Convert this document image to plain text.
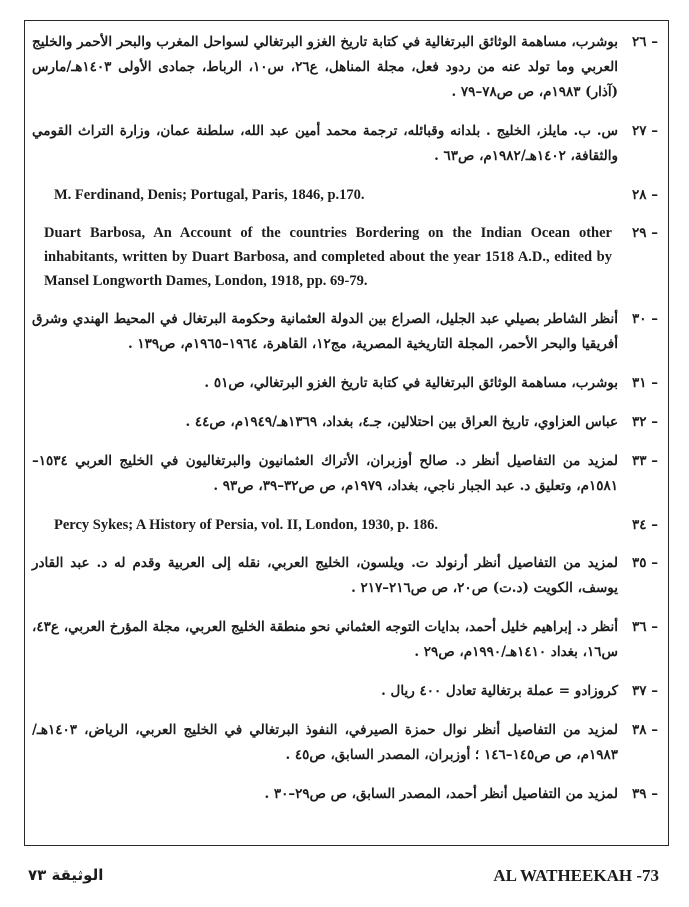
٢٦ –
بوشرب، مساهمة الوثائق البرتغالية في كتابة تاريخ الغزو البرتغالي لسواحل المغرب والبحر الأحمر والخليج العربي وما تولد عنه من ردود فعل، مجلة المناهل، ع٢٦، س١٠، الرباط، جمادى الأولى ١٤٠٣هـ/مارس (آذار) ١٩٨٣م، ص ص٧٨–٧٩ .
٢٧ –
س. ب. مايلز، الخليج . بلدانه وقبائله، ترجمة محمد أمين عبد الله، سلطنة عمان، وزارة التراث القومي والثقافة، ١٤٠٢هـ/١٩٨٢م، ص٦٣ .
٢٨ –
M. Ferdinand, Denis; Portugal, Paris, 1846, p.170.
٢٩ –
Duart Barbosa, An Account of the countries Bordering on the Indian Ocean other inhabitants, written by Duart Barbosa, and completed about the year 1518 A.D., edited by Mansel Longworth Dames, London, 1918, pp. 69-79.
٣٠ –
أنظر الشاطر بصيلي عبد الجليل، الصراع بين الدولة العثمانية وحكومة البرتغال في المحيط الهندي وشرق أفريقيا والبحر الأحمر، المجلة التاريخية المصرية، مج١٢، القاهرة، ١٩٦٤–١٩٦٥م، ص١٣٩ .
٣١ –
بوشرب، مساهمة الوثائق البرتغالية في كتابة تاريخ الغزو البرتغالي، ص٥١ .
٣٢ –
عباس العزاوي، تاريخ العراق بين احتلالين، جـ٤، بغداد، ١٣٦٩هـ/١٩٤٩م، ص٤٤ .
٣٣ –
لمزيد من التفاصيل أنظر د. صالح أوزبران، الأتراك العثمانيون والبرتغاليون في الخليج العربي ١٥٣٤–١٥٨١م، وتعليق د. عبد الجبار ناجي، بغداد، ١٩٧٩م، ص ص٣٢–٣٩، ص٩٣ .
٣٤ –
Percy Sykes; A History of Persia, vol. II, London, 1930, p. 186.
٣٥ –
لمزيد من التفاصيل أنظر أرنولد ت. ويلسون، الخليج العربي، نقله إلى العربية وقدم له د. عبد القادر يوسف، الكويت (د.ت) ص٢٠، ص ص٢١٦–٢١٧ .
٣٦ –
أنظر د. إبراهيم خليل أحمد، بدايات التوجه العثماني نحو منطقة الخليج العربي، مجلة المؤرخ العربي، ع٤٣، س١٦، بغداد ١٤١٠هـ/١٩٩٠م، ص٢٩ .
٣٧ –
كروزادو = عملة برتغالية تعادل ٤٠٠ ريال .
٣٨ –
لمزيد من التفاصيل أنظر نوال حمزة الصيرفي، النفوذ البرتغالي في الخليج العربي، الرياض، ١٤٠٣هـ/١٩٨٣م، ص ص١٤٥–١٤٦ ؛ أوزبران، المصدر السابق، ص٤٥ .
٣٩ –
لمزيد من التفاصيل أنظر أحمد، المصدر السابق، ص ص٢٩–٣٠ .
الوثيقة ٧٣	AL WATHEEKAH -73
